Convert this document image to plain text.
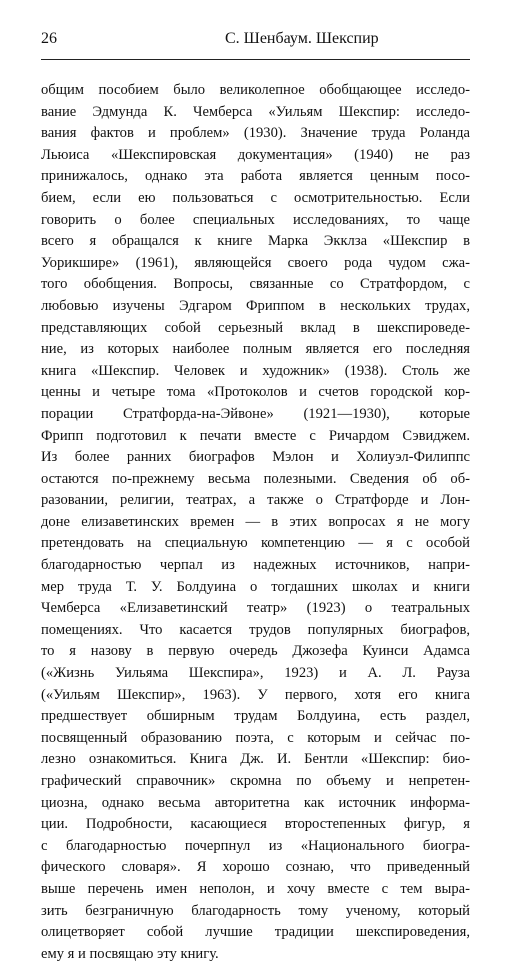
26	С. Шенбаум. Шекспир
общим пособием было великолепное обобщающее исследо-
вание Эдмунда К. Чемберса «Уильям Шекспир: исследо-
вания фактов и проблем» (1930). Значение труда Роланда
Льюиса «Шекспировская документация» (1940) не раз
принижалось, однако эта работа является ценным посо-
бием, если ею пользоваться с осмотрительностью. Если
говорить о более специальных исследованиях, то чаще
всего я обращался к книге Марка Экклза «Шекспир в
Уорикшире» (1961), являющейся своего рода чудом сжа-
того обобщения. Вопросы, связанные со Стратфордом, с
любовью изучены Эдгаром Фриппом в нескольких трудах,
представляющих собой серьезный вклад в шекспироведе-
ние, из которых наиболее полным является его последняя
книга «Шекспир. Человек и художник» (1938). Столь же
ценны и четыре тома «Протоколов и счетов городской кор-
порации Стратфорда-на-Эйвоне» (1921—1930), которые
Фрипп подготовил к печати вместе с Ричардом Сэвиджем.
Из более ранних биографов Мэлон и Холиуэл-Филиппс
остаются по-прежнему весьма полезными. Сведения об об-
разовании, религии, театрах, а также о Стратфорде и Лон-
доне елизаветинских времен — в этих вопросах я не могу
претендовать на специальную компетенцию — я с особой
благодарностью черпал из надежных источников, напри-
мер труда Т. У. Болдуина о тогдашних школах и книги
Чемберса «Елизаветинский театр» (1923) о театральных
помещениях. Что касается трудов популярных биографов,
то я назову в первую очередь Джозефа Куинси Адамса
(«Жизнь Уильяма Шекспира», 1923) и А. Л. Рауза
(«Уильям Шекспир», 1963). У первого, хотя его книга
предшествует обширным трудам Болдуина, есть раздел,
посвященный образованию поэта, с которым и сейчас по-
лезно ознакомиться. Книга Дж. И. Бентли «Шекспир: био-
графический справочник» скромна по объему и непретен-
циозна, однако весьма авторитетна как источник информа-
ции. Подробности, касающиеся второстепенных фигур, я
с благодарностью почерпнул из «Национального биогра-
фического словаря». Я хорошо сознаю, что приведенный
выше перечень имен неполон, и хочу вместе с тем выра-
зить безграничную благодарность тому ученому, который
олицетворяет собой лучшие традиции шекспироведения,
ему я и посвящаю эту книгу.
